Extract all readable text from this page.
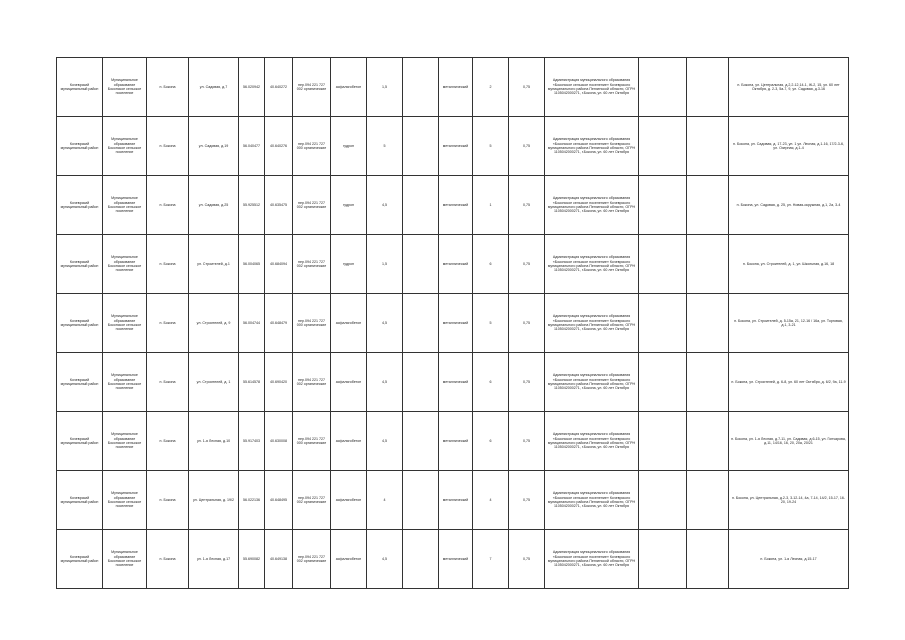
Кочеврский муниципальный район	Муниципальное образование Боконское сельское поселение	п. Бокона	ул. Садовая, д.7	56.020942	40.640272	пер.094 221 727 002 органические	асфальтобетон	1,5		металлический	2	0,75	Администрация муниципального образования «Боконское сельское поселение» Кочеврского муниципального района Пензенской области, ОГРН 1105042000271, г.Бокона, ул. 60 лет Октября			п. Бокона, ул. Центральная, д.2,2-12,14-1, Ж-2, 15, ул. 60 лет Октября, д. 2-3, 5а-7, 9, ул. Садовая, д.3-16
Кочеврский муниципальный район	Муниципальное образование Боконское сельское поселение	п. Бокона	ул. Садовая, д.19	56.040477	40.640276	пер.094 221 727 000 органические	гудрон	5		металлический	5	0,75	Администрация муниципального образования «Боконское сельское поселение» Кочеврского муниципального района Пензенской области, ОГРН 1105042000271, г.Бокона, ул. 60 лет Октября			п. Бокона, ул. Садовая, д. 17-23, ул. 1 ул. Лесная, д.1-16, 17/2-3-6, ул. Озерная, д.1-4
Кочеврский муниципальный район	Муниципальное образование Боконское сельское поселение	п. Бокона	ул. Садовая, д.25	55.925512	40.635475	пер.094 221 727 002 органические	гудрон	4,5		металлический	1	0,75	Администрация муниципального образования «Боконское сельское поселение» Кочеврского муниципального района Пензенской области, ОГРН 1105042000271, г.Бокона, ул. 60 лет Октября			п. Бокона, ул. Садовая, д. 25, ул. Новая-окружная, д.1, 2а, 3-4
Кочеврский муниципальный район	Муниципальное образование Боконское сельское поселение	п. Бокона	ул. Строителей, д.1	56.004065	40.684094	пер.094 221 727 002 органические	гудрон	1,5		металлический	6	0,75	Администрация муниципального образования «Боконское сельское поселение» Кочеврского муниципального района Пензенской области, ОГРН 1105042000271, г.Бокона, ул. 60 лет Октября			п. Бокона, ул. Строителей, д. 1, ул. Школьная, д.16, 18
Кочеврский муниципальный район	Муниципальное образование Боконское сельское поселение	п. Бокона	ул. Строителей, д. 9	56.004744	40.648479	пер.094 221 727 000 органические	асфальтобетон	4,5		металлический	5	0,75	Администрация муниципального образования «Боконское сельское поселение» Кочеврского муниципального района Пензенской области, ОГРН 1105042000271, г.Бокона, ул. 60 лет Октября			п. Бокона, ул. Строителей, д. 5-15а, 21, 12-16 / 16а, ул. Торговая, д.1, 3-21
Кочеврский муниципальный район	Муниципальное образование Боконское сельское поселение	п. Бокона	ул. Строителей, д. 1	55.614578	40.690420	пер.094 221 727 002 органические	асфальтобетон	4,5		металлический	6	0,75	Администрация муниципального образования «Боконское сельское поселение» Кочеврского муниципального района Пензенской области, ОГРН 1105042000271, г.Бокона, ул. 60 лет Октября			п. Бокона, ул. Строителей, д. 6-8, ул. 60 лет Октября, д. 6/2, 9а, 11-9
Кочеврский муниципальный район	Муниципальное образование Боконское сельское поселение	п. Бокона	ул. 1-я Лесная, д.10	55.917403	40.630008	пер.094 221 727 000 органические	асфальтобетон	4,5		металлический	6	0,75	Администрация муниципального образования «Боконское сельское поселение» Кочеврского муниципального района Пензенской области, ОГРН 1105042000271, г.Бокона, ул. 60 лет Октября			п. Бокона, ул. 1-я Лесная, д.7-11, ул. Садовая, д.6-15, ул. Гончарова, д.11, 14/16, 16, 20, 20а, 20/21
Кочеврский муниципальный район	Муниципальное образование Боконское сельское поселение	п. Бокона	ул. Центральная, д. 19/2	56.022136	40.648495	пер.094 221 727 002 органические	асфальтобетон	4		металлический	4	0,75	Администрация муниципального образования «Боконское сельское поселение» Кочеврского муниципального района Пензенской области, ОГРН 1105042000271, г.Бокона, ул. 60 лет Октября			п. Бокона, ул. Центральная, д.2-3, 3-12-14, 4а, 7-14, 14/2, 15-17, 16-20, 19-24
Кочеврский муниципальный район	Муниципальное образование Боконское сельское поселение	п. Бокона	ул. 1-я Лесная, д.17	55.690082	40.649138	пер.094 221 727 002 органические	асфальтобетон	4,5		металлический	7	0,75	Администрация муниципального образования «Боконское сельское поселение» Кочеврского муниципального района Пензенской области, ОГРН 1105042000271, г.Бокона, ул. 60 лет Октября			п. Бокона, ул. 1-я Лесная, д.15-17
